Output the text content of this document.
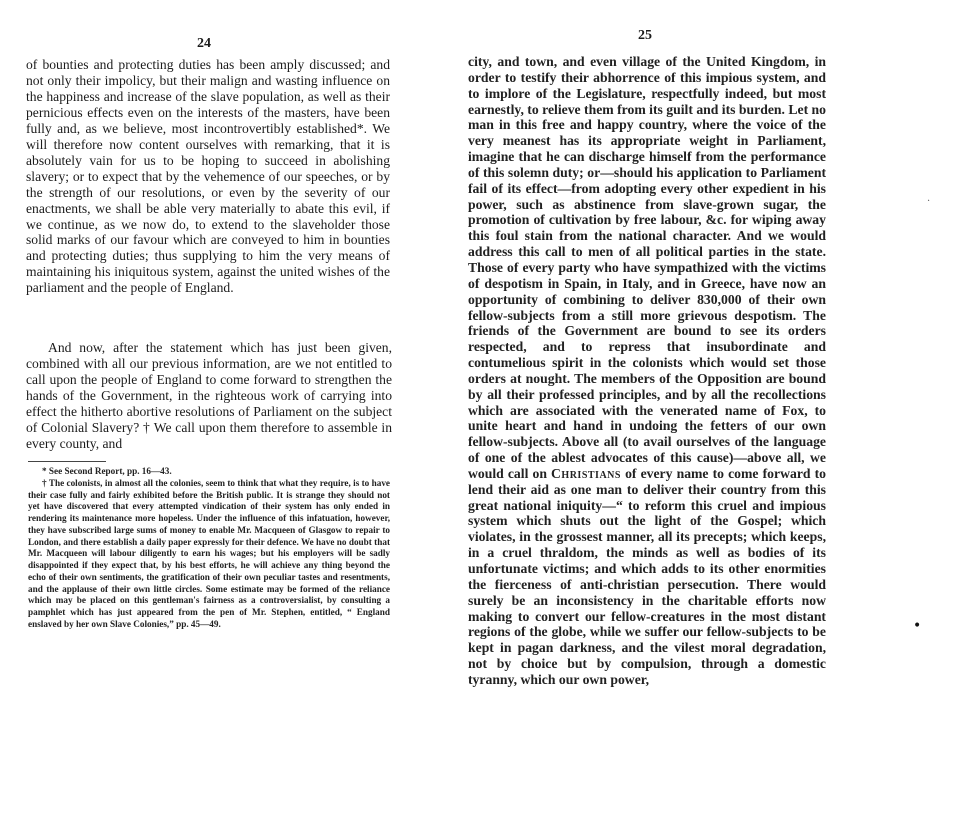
24

of bounties and protecting duties has been amply discussed; and not only their impolicy, but their malign and wasting influence on the happiness and increase of the slave population, as well as their pernicious effects even on the interests of the masters, have been fully and, as we believe, most incontrovertibly established*. We will therefore now content ourselves with remarking, that it is absolutely vain for us to be hoping to succeed in abolishing slavery; or to expect that by the vehemence of our speeches, or by the strength of our resolutions, or even by the severity of our enactments, we shall be able very materially to abate this evil, if we continue, as we now do, to extend to the slaveholder those solid marks of our favour which are conveyed to him in bounties and protecting duties; thus supplying to him the very means of maintaining his iniquitous system, against the united wishes of the parliament and the people of England.

And now, after the statement which has just been given, combined with all our previous information, are we not entitled to call upon the people of England to come forward to strengthen the hands of the Government, in the righteous work of carrying into effect the hitherto abortive resolutions of Parliament on the subject of Colonial Slavery? † We call upon them therefore to assemble in every county, and

* See Second Report, pp. 16—43.

† The colonists, in almost all the colonies, seem to think that what they require, is to have their case fully and fairly exhibited before the British public. It is strange they should not yet have discovered that every attempted vindication of their system has only ended in rendering its maintenance more hopeless. Under the influence of this infatuation, however, they have subscribed large sums of money to enable Mr. Macqueen of Glasgow to repair to London, and there establish a daily paper expressly for their defence. We have no doubt that Mr. Macqueen will labour diligently to earn his wages; but his employers will be sadly disappointed if they expect that, by his best efforts, he will achieve any thing beyond the echo of their own sentiments, the gratification of their own peculiar tastes and resentments, and the applause of their own little circles. Some estimate may be formed of the reliance which may be placed on this gentleman's fairness as a controversialist, by consulting a pamphlet which has just appeared from the pen of Mr. Stephen, entitled, “ England enslaved by her own Slave Colonies,” pp. 45—49.

25
city, and town, and even village of the United Kingdom, in order to testify their abhorrence of this impious system, and to implore of the Legislature, respectfully indeed, but most earnestly, to relieve them from its guilt and its burden. Let no man in this free and happy country, where the voice of the very meanest has its appropriate weight in Parliament, imagine that he can discharge himself from the performance of this solemn duty; or—should his application to Parliament fail of its effect—from adopting every other expedient in his power, such as abstinence from slave-grown sugar, the promotion of cultivation by free labour, &c. for wiping away this foul stain from the national character. And we would address this call to men of all political parties in the state. Those of every party who have sympathized with the victims of despotism in Spain, in Italy, and in Greece, have now an opportunity of combining to deliver 830,000 of their own fellow-subjects from a still more grievous despotism. The friends of the Government are bound to see its orders respected, and to repress that insubordinate and contumelious spirit in the colonists which would set those orders at nought. The members of the Opposition are bound by all their professed principles, and by all the recollections which are associated with the venerated name of Fox, to unite heart and hand in undoing the fetters of our own fellow-subjects. Above all (to avail ourselves of the language of one of the ablest advocates of this cause)—above all, we would call on Christians of every name to come forward to lend their aid as one man to deliver their country from this great national iniquity—“ to reform this cruel and impious system which shuts out the light of the Gospel; which violates, in the grossest manner, all its precepts; which keeps, in a cruel thraldom, the minds as well as bodies of its unfortunate victims; and which adds to its other enormities the fierceness of anti-christian persecution. There would surely be an inconsistency in the charitable efforts now making to convert our fellow-creatures in the most distant regions of the globe, while we suffer our fellow-subjects to be kept in pagan darkness, and the vilest moral degradation, not by choice but by compulsion, through a domestic tyranny, which our own power,
·
•
